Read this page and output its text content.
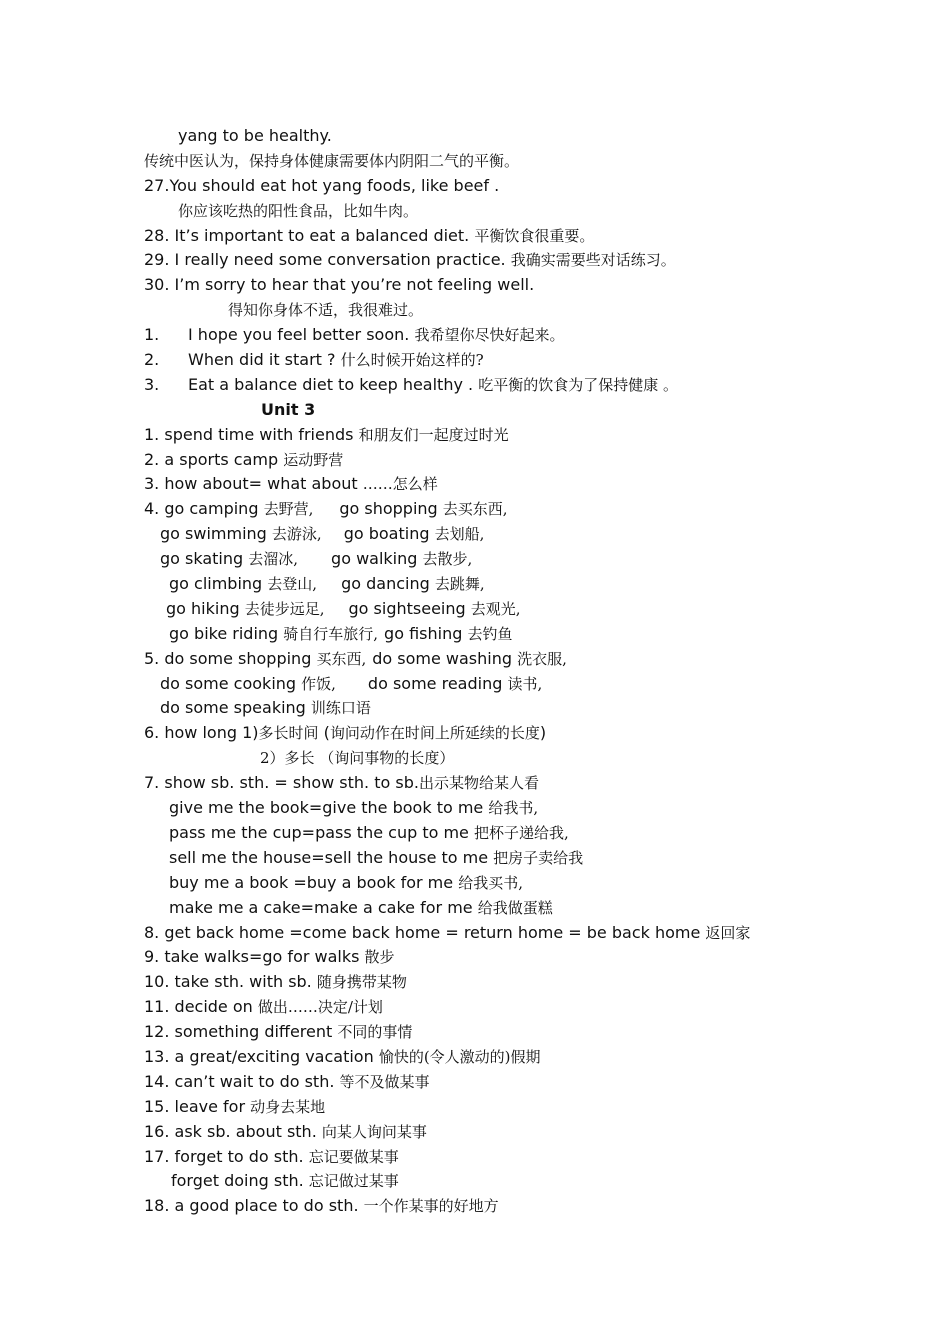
yang to be healthy.
传统中医认为，保持身体健康需要体内阴阳二气的平衡。
27.You should eat hot yang foods, like beef .
你应该吃热的阳性食品，比如牛肉。
28. It’s important to eat a balanced diet. 平衡饮食很重要。
29. I really need some conversation practice. 我确实需要些对话练习。
30. I’m sorry to hear that you’re not feeling well.
得知你身体不适，我很难过。
1. I hope you feel better soon. 我希望你尽快好起来。
2. When did it start ? 什么时候开始这样的?
3. Eat a balance diet to keep healthy . 吃平衡的饮食为了保持健康 。
Unit 3
1. spend time with friends 和朋友们一起度过时光
2. a sports camp 运动野营
3. how about= what about ……怎么样
4. go camping 去野营, go shopping 去买东西,
go swimming 去游泳, go boating 去划船,
go skating 去溜冰, go walking 去散步,
go climbing 去登山, go dancing 去跳舞,
go hiking 去徒步远足, go sightseeing 去观光,
go bike riding 骑自行车旅行, go fishing 去钓鱼
5. do some shopping 买东西, do some washing 洗衣服,
do some cooking 作饭, do some reading 读书,
do some speaking 训练口语
6. how long 1)多长时间 (询问动作在时间上所延续的长度)
2）多长 （询问事物的长度）
7. show sb. sth. = show sth. to sb.出示某物给某人看
give me the book=give the book to me 给我书,
pass me the cup=pass the cup to me 把杯子递给我,
sell me the house=sell the house to me 把房子卖给我
buy me a book =buy a book for me 给我买书,
make me a cake=make a cake for me 给我做蛋糕
8. get back home =come back home = return home = be back home 返回家
9. take walks=go for walks 散步
10. take sth. with sb. 随身携带某物
11. decide on 做出……决定/计划
12. something different 不同的事情
13. a great/exciting vacation 愉快的(令人激动的)假期
14. can’t wait to do sth. 等不及做某事
15. leave for 动身去某地
16. ask sb. about sth. 向某人询问某事
17. forget to do sth. 忘记要做某事
forget doing sth. 忘记做过某事
18. a good place to do sth. 一个作某事的好地方
